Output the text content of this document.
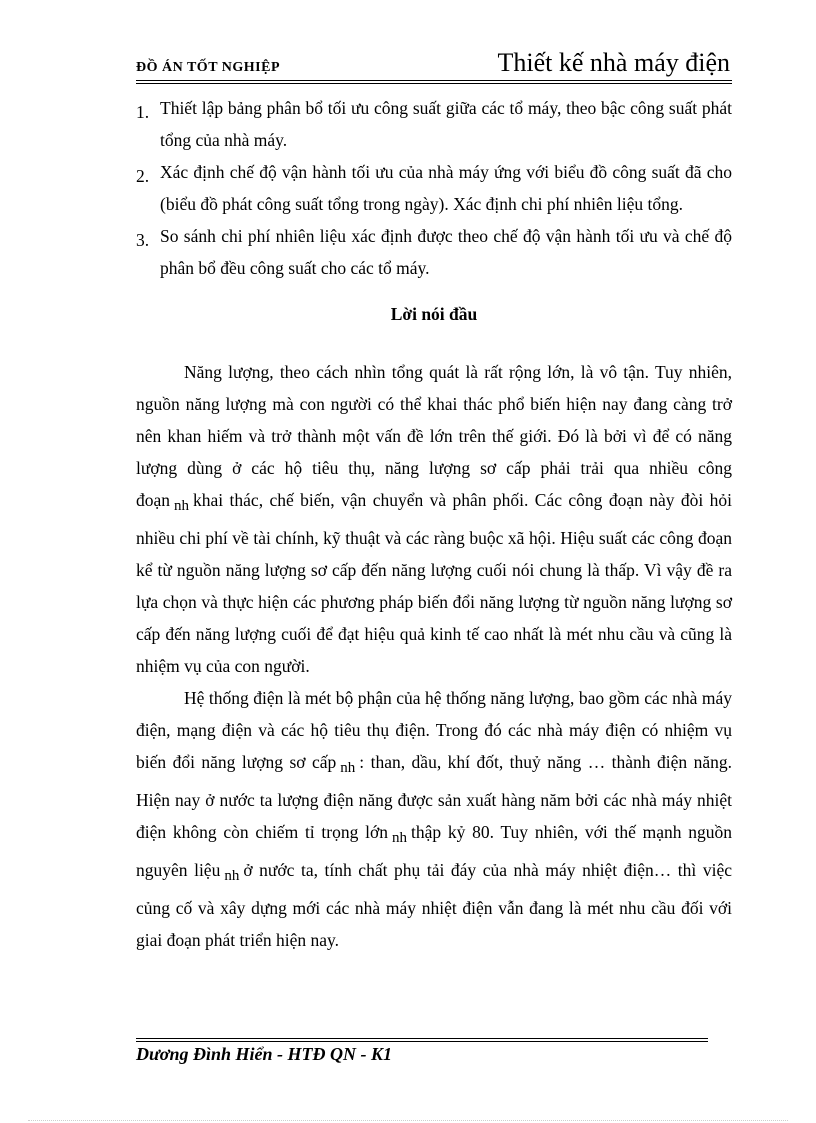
ĐỒ ÁN TỐT NGHIỆP	Thiết kế nhà máy điện
1. Thiết lập bảng phân bổ tối ưu công suất giữa các tổ máy, theo bậc công suất phát tổng của nhà máy.
2. Xác định chế độ vận hành tối ưu của nhà máy ứng với biểu đồ công suất đã cho (biểu đồ phát công suất tổng trong ngày). Xác định chi phí nhiên liệu tổng.
3. So sánh chi phí nhiên liệu xác định được theo chế độ vận hành tối ưu và chế độ phân bổ đều công suất cho các tổ máy.
Lời nói đầu

Năng lượng, theo cách nhìn tổng quát là rất rộng lớn, là vô tận. Tuy nhiên, nguồn năng lượng mà con người có thể khai thác phổ biến hiện nay đang càng trở nên khan hiếm và trở thành một vấn đề lớn trên thế giới. Đó là bởi vì để có năng lượng dùng ở các hộ tiêu thụ, năng lượng sơ cấp phải trải qua nhiều công đoạn nh khai thác, chế biến, vận chuyển và phân phối. Các công đoạn này đòi hỏi nhiều chi phí về tài chính, kỹ thuật và các ràng buộc xã hội. Hiệu suất các công đoạn kể từ nguồn năng lượng sơ cấp đến năng lượng cuối nói chung là thấp. Vì vậy đề ra lựa chọn và thực hiện các phương pháp biến đổi năng lượng từ nguồn năng lượng sơ cấp đến năng lượng cuối để đạt hiệu quả kinh tế cao nhất là mét nhu cầu và cũng là nhiệm vụ của con người.

Hệ thống điện là mét bộ phận của hệ thống năng lượng, bao gồm các nhà máy điện, mạng điện và các hộ tiêu thụ điện. Trong đó các nhà máy điện có nhiệm vụ biến đổi năng lượng sơ cấp nh : than, dầu, khí đốt, thuỷ năng … thành điện năng. Hiện nay ở nước ta lượng điện năng được sản xuất hàng năm bởi các nhà máy nhiệt điện không còn chiếm tỉ trọng lớn nh thập kỷ 80. Tuy nhiên, với thế mạnh nguồn nguyên liệu nh ở nước ta, tính chất phụ tải đáy của nhà máy nhiệt điện… thì việc củng cố và xây dựng mới các nhà máy nhiệt điện vẫn đang là mét nhu cầu đối với giai đoạn phát triển hiện nay.

Dương Đình Hiển - HTĐ QN - K1
